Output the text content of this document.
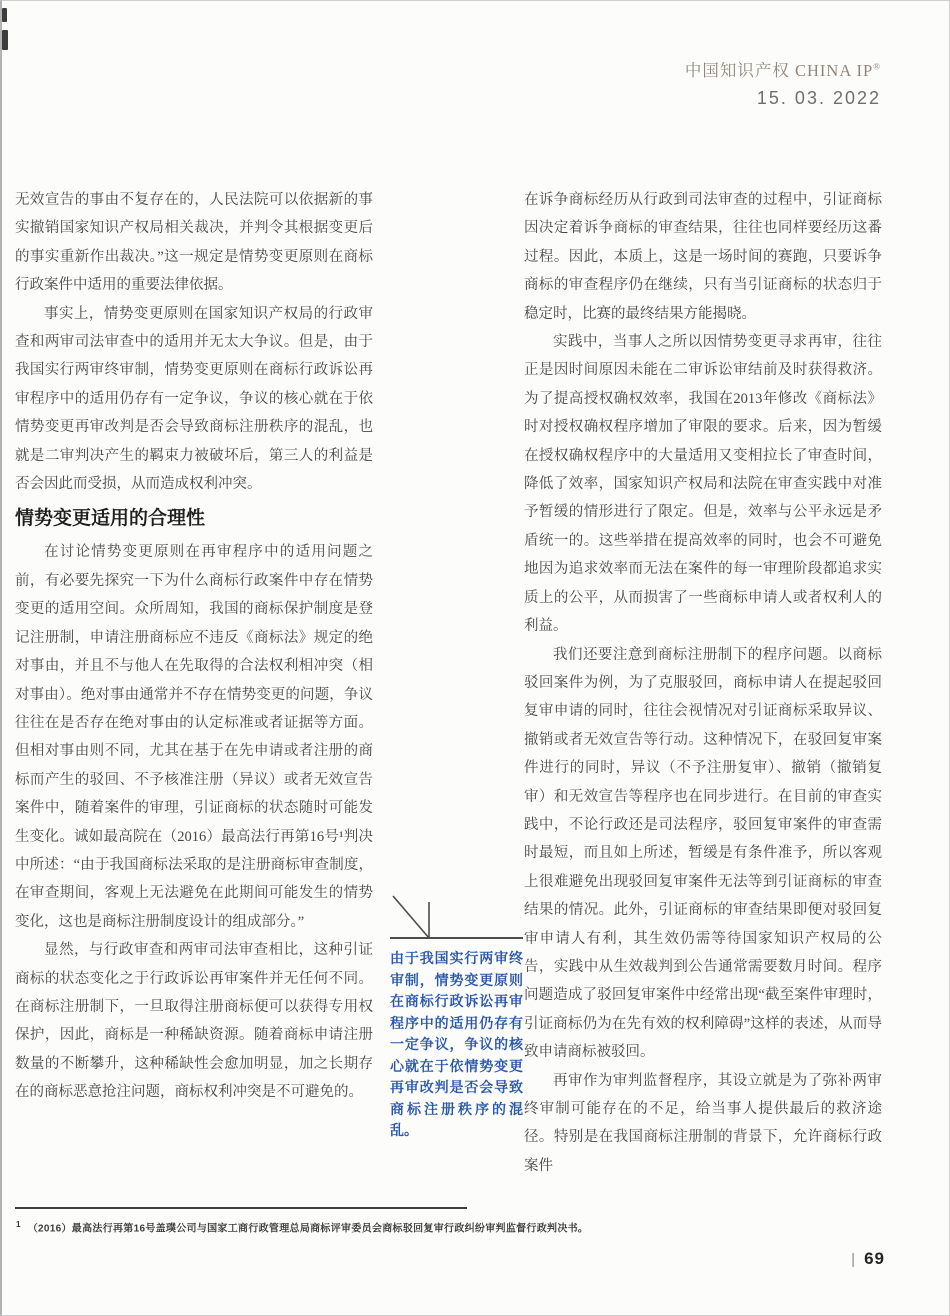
中国知识产权 CHINA IP®
15. 03. 2022

无效宣告的事由不复存在的，人民法院可以依据新的事实撤销国家知识产权局相关裁决，并判令其根据变更后的事实重新作出裁决。”这一规定是情势变更原则在商标行政案件中适用的重要法律依据。

事实上，情势变更原则在国家知识产权局的行政审查和两审司法审查中的适用并无太大争议。但是，由于我国实行两审终审制，情势变更原则在商标行政诉讼再审程序中的适用仍存有一定争议，争议的核心就在于依情势变更再审改判是否会导致商标注册秩序的混乱，也就是二审判决产生的羁束力被破坏后，第三人的利益是否会因此而受损，从而造成权利冲突。

情势变更适用的合理性

在讨论情势变更原则在再审程序中的适用问题之前，有必要先探究一下为什么商标行政案件中存在情势变更的适用空间。众所周知，我国的商标保护制度是登记注册制，申请注册商标应不违反《商标法》规定的绝对事由，并且不与他人在先取得的合法权利相冲突（相对事由）。绝对事由通常并不存在情势变更的问题，争议往往在是否存在绝对事由的认定标准或者证据等方面。但相对事由则不同，尤其在基于在先申请或者注册的商标而产生的驳回、不予核准注册（异议）或者无效宣告案件中，随着案件的审理，引证商标的状态随时可能发生变化。诚如最高院在（2016）最高法行再第16号¹判决中所述：“由于我国商标法采取的是注册商标审查制度，在审查期间，客观上无法避免在此期间可能发生的情势变化，这也是商标注册制度设计的组成部分。”

显然，与行政审查和两审司法审查相比，这种引证商标的状态变化之于行政诉讼再审案件并无任何不同。在商标注册制下，一旦取得注册商标便可以获得专用权保护，因此，商标是一种稀缺资源。随着商标申请注册数量的不断攀升，这种稀缺性会愈加明显，加之长期存在的商标恶意抢注问题，商标权利冲突是不可避免的。

由于我国实行两审终审制，情势变更原则在商标行政诉讼再审程序中的适用仍存有一定争议，争议的核心就在于依情势变更再审改判是否会导致商标注册秩序的混乱。

在诉争商标经历从行政到司法审查的过程中，引证商标因决定着诉争商标的审查结果，往往也同样要经历这番过程。因此，本质上，这是一场时间的赛跑，只要诉争商标的审查程序仍在继续，只有当引证商标的状态归于稳定时，比赛的最终结果方能揭晓。

实践中，当事人之所以因情势变更寻求再审，往往正是因时间原因未能在二审诉讼审结前及时获得救济。为了提高授权确权效率，我国在2013年修改《商标法》时对授权确权程序增加了审限的要求。后来，因为暂缓在授权确权程序中的大量适用又变相拉长了审查时间，降低了效率，国家知识产权局和法院在审查实践中对准予暂缓的情形进行了限定。但是，效率与公平永远是矛盾统一的。这些举措在提高效率的同时，也会不可避免地因为追求效率而无法在案件的每一审理阶段都追求实质上的公平，从而损害了一些商标申请人或者权利人的利益。

我们还要注意到商标注册制下的程序问题。以商标驳回案件为例，为了克服驳回，商标申请人在提起驳回复审申请的同时，往往会视情况对引证商标采取异议、撤销或者无效宣告等行动。这种情况下，在驳回复审案件进行的同时，异议（不予注册复审）、撤销（撤销复审）和无效宣告等程序也在同步进行。在目前的审查实践中，不论行政还是司法程序，驳回复审案件的审查需时最短，而且如上所述，暂缓是有条件准予，所以客观上很难避免出现驳回复审案件无法等到引证商标的审查结果的情况。此外，引证商标的审查结果即便对驳回复审申请人有利，其生效仍需等待国家知识产权局的公告，实践中从生效裁判到公告通常需要数月时间。程序问题造成了驳回复审案件中经常出现“截至案件审理时，引证商标仍为在先有效的权利障碍”这样的表述，从而导致申请商标被驳回。

再审作为审判监督程序，其设立就是为了弥补两审终审制可能存在的不足，给当事人提供最后的救济途径。特别是在我国商标注册制的背景下，允许商标行政案件

$^1$ （2016）最高法行再第16号盖璞公司与国家工商行政管理总局商标评审委员会商标驳回复审行政纠纷审判监督行政判决书。
| 69
